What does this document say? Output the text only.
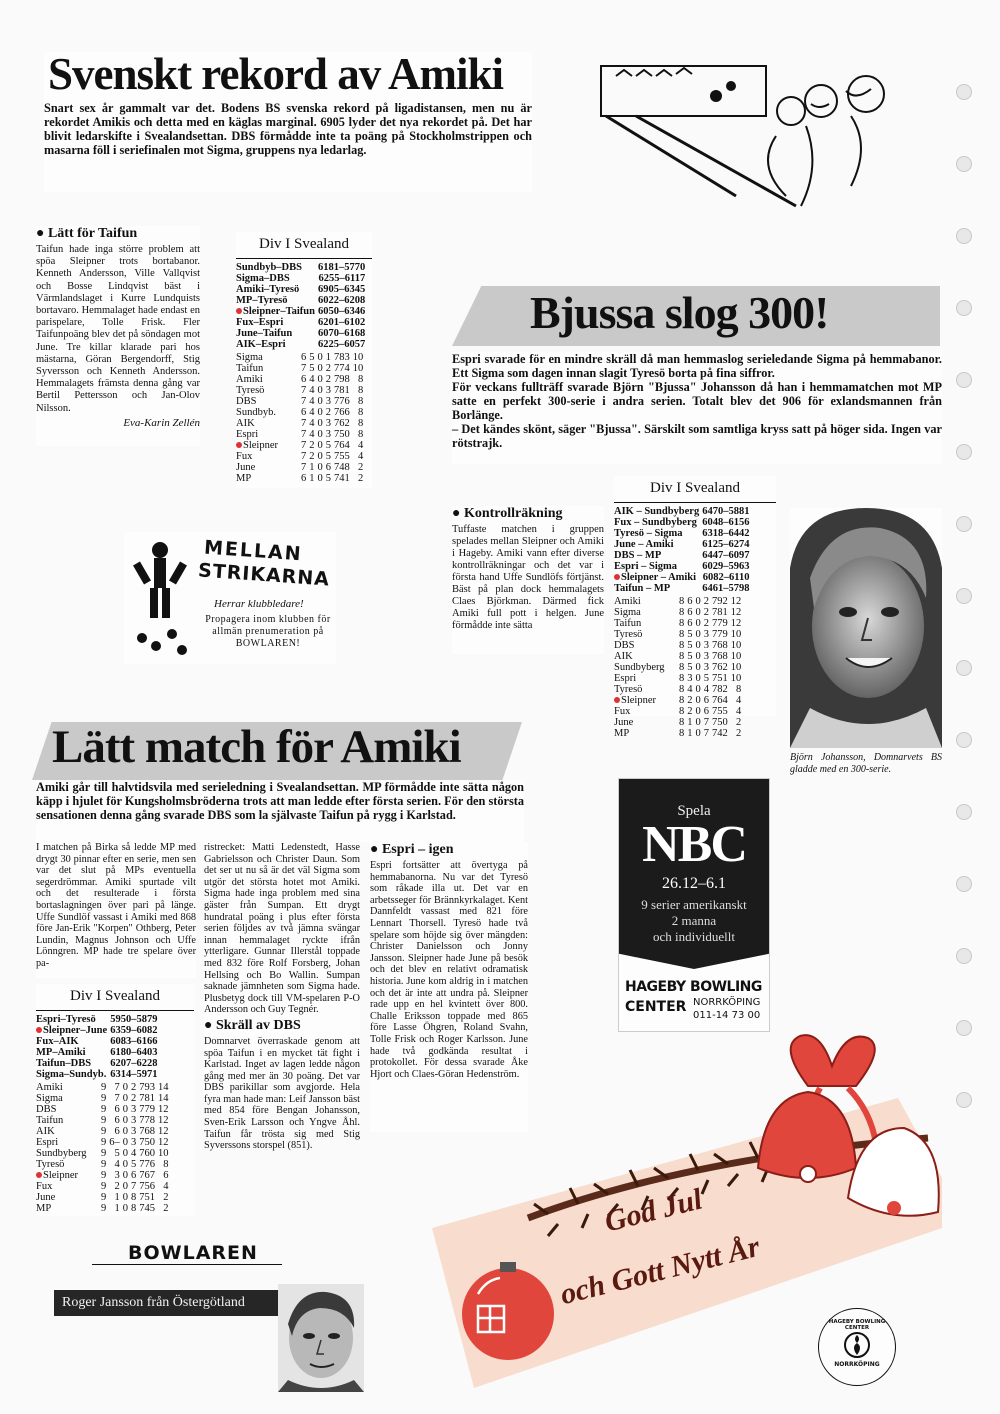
Svenskt rekord av Amiki

Snart sex år gammalt var det. Bodens BS svenska rekord på ligadistansen, men nu är rekordet Amikis och detta med en käglas marginal. 6905 lyder det nya rekordet på. Det har blivit ledarskifte i Svealandsettan. DBS förmådde inte ta poäng på Stockholmstrippen och masarna föll i seriefinalen mot Sigma, gruppens nya ledarlag.

● Lätt för Taifun

Taifun hade inga större problem att spöa Sleipner trots bortabanor. Kenneth Andersson, Ville Vallqvist och Bosse Lindqvist bäst i Värmlandslaget i Kurre Lundquists bortavaro. Hemmalaget hade endast en parispelare, Tolle Frisk. Fler Taifunpoäng blev det på söndagen mot June. Tre killar klarade pari hos mästarna, Göran Bergendorff, Stig Syversson och Kenneth Andersson. Hemmalagets främsta denna gång var Bertil Pettersson och Jan-Olov Nilsson.

Eva-Karin Zellén

Div I Svealand
Sundbyb–DBS	6181–5770
Sigma–DBS	6255–6117
Amiki–Tyresö	6905–6345
MP–Tyresö	6022–6208
Sleipner–Taifun	6050–6346
Fux–Espri	6201–6102
June–Taifun	6070–6168
AIK–Espri	6225–6057
Sigma	6	5	0	1	783	10
Taifun	7	5	0	2	774	10
Amiki	6	4	0	2	798	8
Tyresö	7	4	0	3	781	8
DBS	7	4	0	3	776	8
Sundbyb.	6	4	0	2	766	8
AIK	7	4	0	3	762	8
Espri	7	4	0	3	750	8
Sleipner	7	2	0	5	764	4
Fux	7	2	0	5	755	4
June	7	1	0	6	748	2
MP	6	1	0	5	741	2
MELLAN
STRIKARNA
Herrar klubbledare!
Propagera inom klubben för allmän prenumeration på BOWLAREN!
Bjussa slog 300!

Espri svarade för en mindre skräll då man hemmaslog serieledande Sigma på hemmabanor. Ett Sigma som dagen innan slagit Tyresö borta på fina siffror.

För veckans fullträff svarade Björn "Bjussa" Johansson då han i hemmamatchen mot MP satte en perfekt 300-serie i andra serien. Totalt blev det 906 för exlandsmannen från Borlänge.

– Det kändes skönt, säger "Bjussa". Särskilt som samtliga kryss satt på höger sida. Ingen var rötstrajk.

● Kontrollräkning

Tuffaste matchen i gruppen spelades mellan Sleipner och Amiki i Hageby. Amiki vann efter diverse kontrollräkningar och det var i första hand Uffe Sundlöfs förtjänst. Bäst på plan dock hemmalagets Claes Björkman. Därmed fick Amiki full pott i helgen. June förmådde inte sätta

Div I Svealand
AIK – Sundbyberg	6470–5881
Fux – Sundbyberg	6048–6156
Tyresö – Sigma	6318–6442
June – Amiki	6125–6274
DBS – MP	6447–6097
Espri – Sigma	6029–5963
Sleipner – Amiki	6082–6110
Taifun – MP	6461–5798
Amiki	8	6	0	2	792	12
Sigma	8	6	0	2	781	12
Taifun	8	6	0	2	779	12
Tyresö	8	5	0	3	779	10
DBS	8	5	0	3	768	10
AIK	8	5	0	3	768	10
Sundbyberg	8	5	0	3	762	10
Espri	8	3	0	5	751	10
Tyresö	8	4	0	4	782	8
Sleipner	8	2	0	6	764	4
Fux	8	2	0	6	755	4
June	8	1	0	7	750	2
MP	8	1	0	7	742	2
Björn Johansson, Domnarvets BS gladde med en 300-serie.
Lätt match för Amiki

Amiki går till halvtidsvila med serieledning i Svealandsettan. MP förmådde inte sätta någon käpp i hjulet för Kungsholmsbröderna trots att man ledde efter första serien. För den största sensationen denna gång svarade DBS som la självaste Taifun på rygg i Karlstad.

I matchen på Birka så ledde MP med drygt 30 pinnar efter en serie, men sen var det slut på MPs eventuella segerdrömmar. Amiki spurtade vilt och det resulterade i första bortaslagningen över pari på länge. Uffe Sundlöf vassast i Amiki med 868 före Jan-Erik "Korpen" Othberg, Peter Lundin, Magnus Johnson och Uffe Lönngren. MP hade tre spelare över pa-

ristrecket: Matti Ledenstedt, Hasse Gabrielsson och Christer Daun. Som det ser ut nu så är det väl Sigma som utgör det största hotet mot Amiki. Sigma hade inga problem med sina gäster från Sumpan. Ett drygt hundratal poäng i plus efter första serien följdes av två jämna svängar innan hemmalaget ryckte ifrån ytterligare. Gunnar Illerstål toppade med 832 före Rolf Forsberg, Johan Hellsing och Bo Wallin. Sumpan saknade jämnheten som Sigma hade. Plusbetyg dock till VM-spelaren P-O Andersson och Guy Tegnér.

● Skräll av DBS

Domnarvet överraskade genom att spöa Taifun i en mycket tät fight i Karlstad. Inget av lagen ledde någon gång med mer än 30 poäng. Det var DBS parikillar som avgjorde. Hela fyra man hade man: Leif Jansson bäst med 854 före Bengan Johansson, Sven-Erik Larsson och Yngve Åhl. Taifun får trösta sig med Stig Syverssons storspel (851).

● Espri – igen

Espri fortsätter att övertyga på hemmabanorna. Nu var det Tyresö som råkade illa ut. Det var en arbetsseger för Brännkyrkalaget. Kent Dannfeldt vassast med 821 före Lennart Thorsell. Tyresö hade två spelare som höjde sig över mängden: Christer Danielsson och Jonny Jansson. Sleipner hade June på besök och det blev en relativt odramatisk historia. June kom aldrig in i matchen och det är inte att undra på. Sleipner rade upp en hel kvintett över 800. Challe Eriksson toppade med 865 före Lasse Öhgren, Roland Svahn, Tolle Frisk och Roger Karlsson. June hade två godkända resultat i protokollet. För dessa svarade Åke Hjort och Claes-Göran Hedenström.

Div I Svealand
Espri–Tyresö	5950–5879
Sleipner–June	6359–6082
Fux–AIK	6083–6166
MP–Amiki	6180–6403
Taifun–DBS	6207–6228
Sigma–Sundyb.	6314–5971
Amiki	9	7	0	2	793	14
Sigma	9	7	0	2	781	14
DBS	9	6	0	3	779	12
Taifun	9	6	0	3	778	12
AIK	9	6	0	3	768	12
Espri	9	6–	0	3	750	12
Sundbyberg	9	5	0	4	760	10
Tyresö	9	4	0	5	776	8
Sleipner	9	3	0	6	767	6
Fux	9	2	0	7	756	4
June	9	1	0	8	751	2
MP	9	1	0	8	745	2
Spela
NBC
26.12–6.1
9 serier amerikanskt
2 manna
och individuellt
HAGEBY BOWLING
CENTER NORRKÖPING
011-14 73 00
BOWLAREN
Roger Jansson från Östergötland
God Jul
och Gott Nytt År
HAGEBY BOWLING CENTER
NORRKÖPING
